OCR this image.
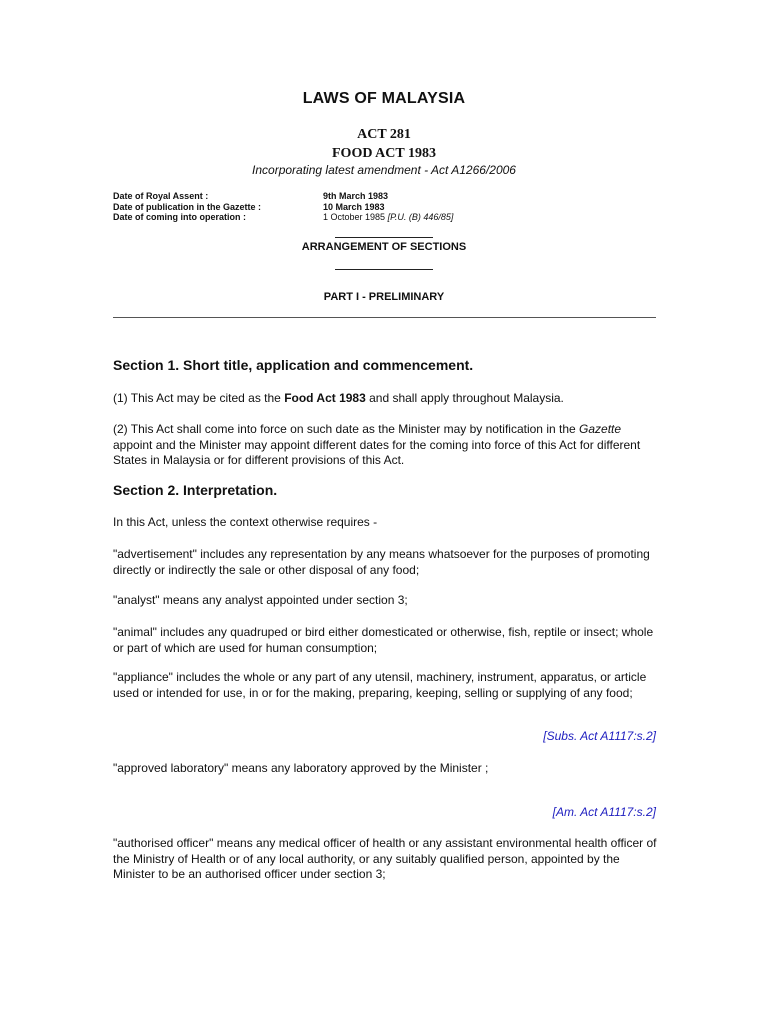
LAWS OF MALAYSIA
ACT 281
FOOD ACT 1983
Incorporating latest amendment - Act A1266/2006
Date of Royal Assent :	9th March 1983
Date of publication in the Gazette :	10 March 1983
Date of coming into operation :	1 October 1985 [P.U. (B) 446/85]
ARRANGEMENT OF SECTIONS
PART I - PRELIMINARY
Section 1. Short title, application and commencement.
(1) This Act may be cited as the Food Act 1983 and shall apply throughout Malaysia.
(2) This Act shall come into force on such date as the Minister may by notification in the Gazette appoint and the Minister may appoint different dates for the coming into force of this Act for different States in Malaysia or for different provisions of this Act.
Section 2. Interpretation.
In this Act, unless the context otherwise requires -
"advertisement" includes any representation by any means whatsoever for the purposes of promoting directly or indirectly the sale or other disposal of any food;
"analyst" means any analyst appointed under section 3;
"animal" includes any quadruped or bird either domesticated or otherwise, fish, reptile or insect; whole or part of which are used for human consumption;
"appliance" includes the whole or any part of any utensil, machinery, instrument, apparatus, or article used or intended for use, in or for the making, preparing, keeping, selling or supplying of any food;
[Subs. Act A1117:s.2]
"approved laboratory" means any laboratory approved by the Minister ;
[Am. Act A1117:s.2]
"authorised officer" means any medical officer of health or any assistant environmental health officer of the Ministry of Health or of any local authority, or any suitably qualified person, appointed by the Minister to be an authorised officer under section 3;
